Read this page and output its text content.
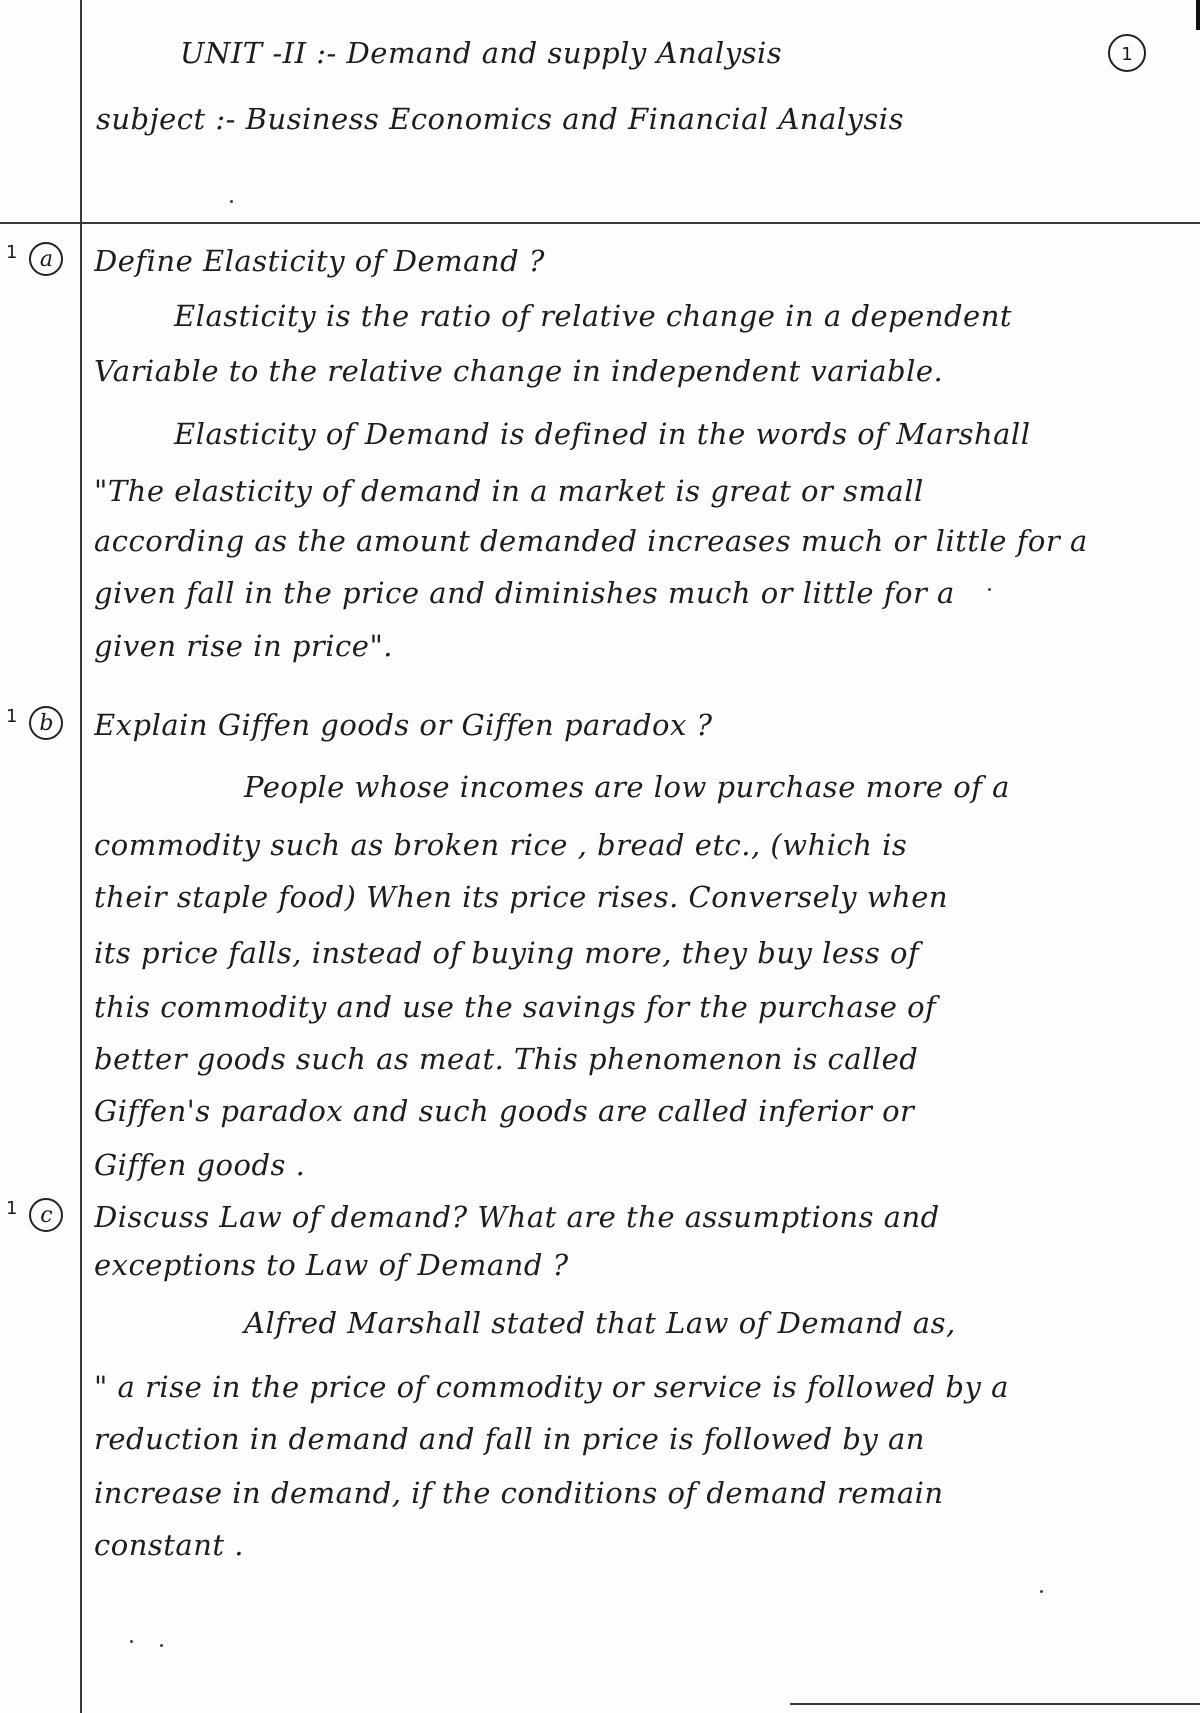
UNIT -II :- Demand and supply Analysis
subject :- Business Economics and Financial Analysis
1
$^1$ a	Define Elasticity of Demand ?
Elasticity is the ratio of relative change in a dependent
Variable to the relative change in independent variable.
Elasticity of Demand is defined in the words of Marshall
"The elasticity of demand in a market is great or small
according as the amount demanded increases much or little for a
given fall in the price and diminishes much or little for a
given rise in price".
$^1$ b	Explain Giffen goods or Giffen paradox ?
People whose incomes are low purchase more of a
commodity such as broken rice , bread etc., (which is
their staple food) When its price rises. Conversely when
its price falls, instead of buying more, they buy less of
this commodity and use the savings for the purchase of
better goods such as meat. This phenomenon is called
Giffen's paradox and such goods are called inferior or
Giffen goods .
$^1$ c	Discuss Law of demand? What are the assumptions and
exceptions to Law of Demand ?
Alfred Marshall stated that Law of Demand as,
" a rise in the price of commodity or service is followed by a
reduction in demand and fall in price is followed by an
increase in demand, if the conditions of demand remain
constant .
